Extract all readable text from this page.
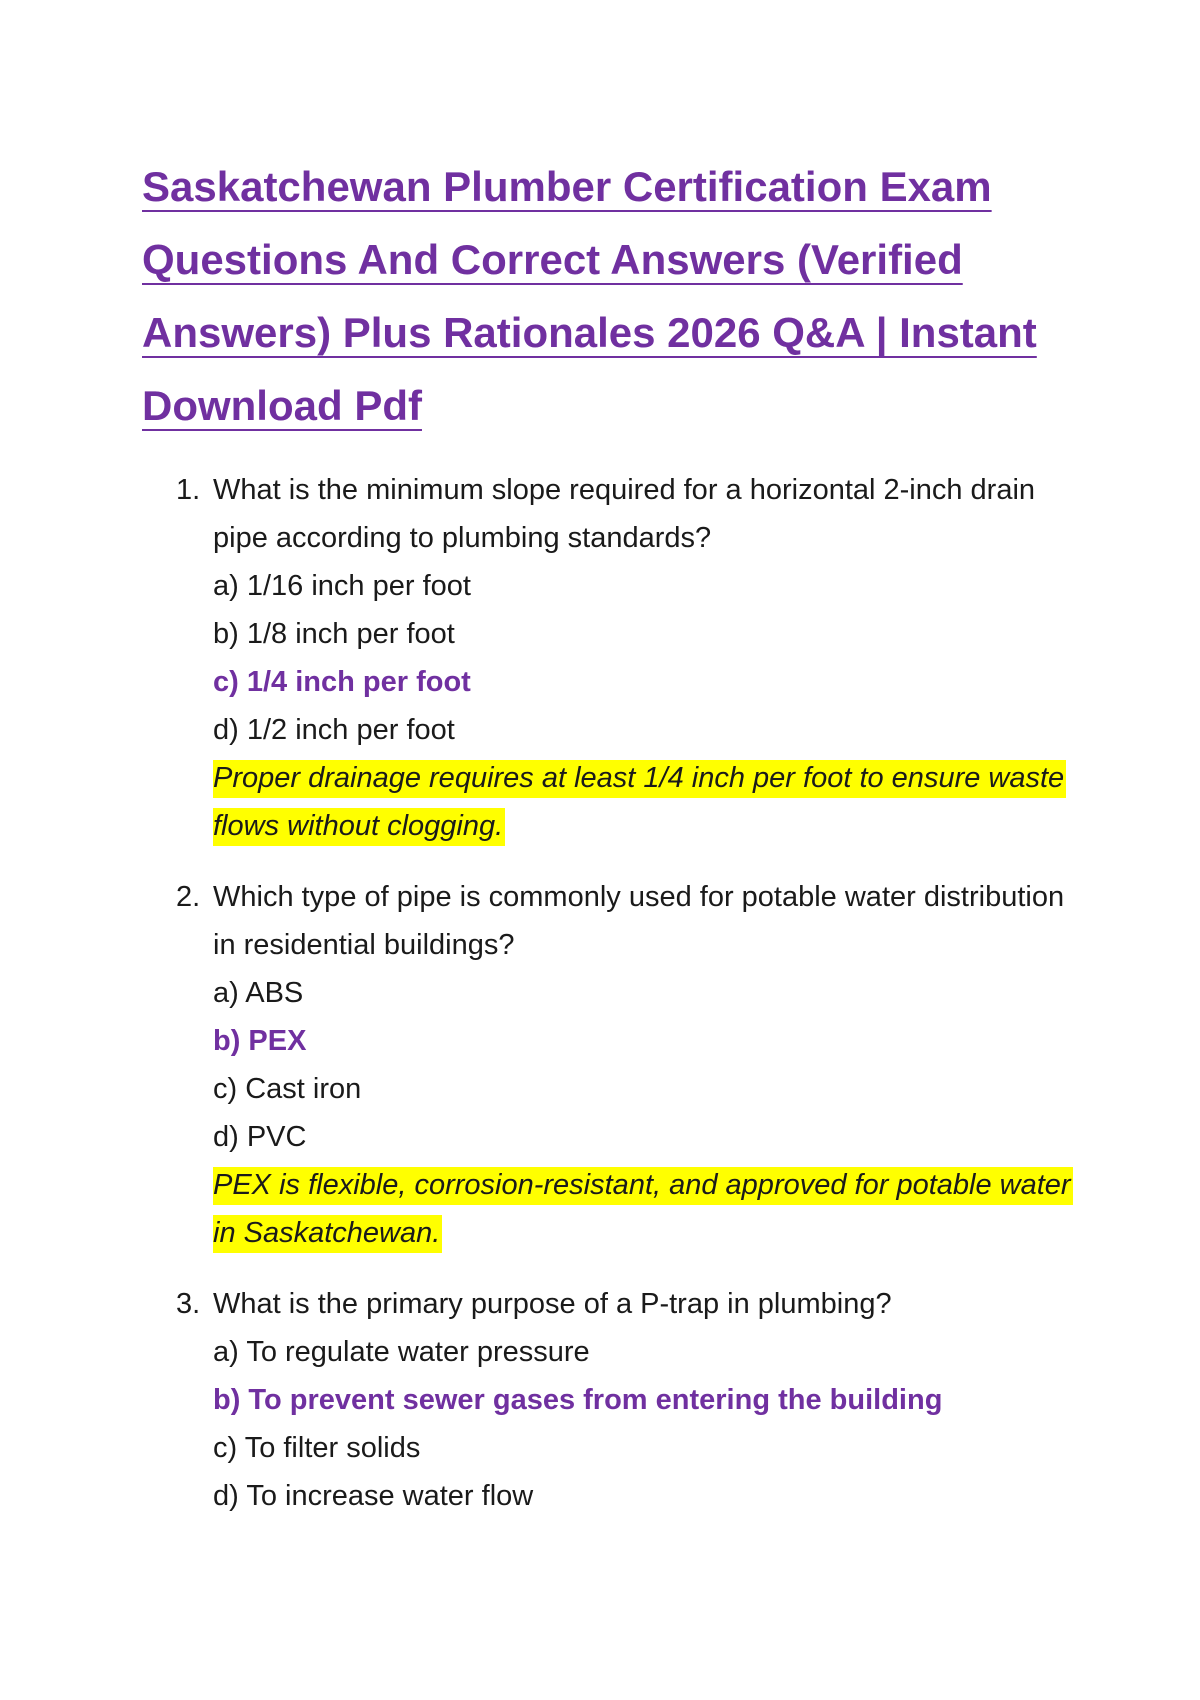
Saskatchewan Plumber Certification Exam
Questions And Correct Answers (Verified
Answers) Plus Rationales 2026 Q&A | Instant
Download Pdf
1. What is the minimum slope required for a horizontal 2-inch drain pipe according to plumbing standards?
a) 1/16 inch per foot
b) 1/8 inch per foot
c) 1/4 inch per foot
d) 1/2 inch per foot
Proper drainage requires at least 1/4 inch per foot to ensure waste flows without clogging.
2. Which type of pipe is commonly used for potable water distribution in residential buildings?
a) ABS
b) PEX
c) Cast iron
d) PVC
PEX is flexible, corrosion-resistant, and approved for potable water in Saskatchewan.
3. What is the primary purpose of a P-trap in plumbing?
a) To regulate water pressure
b) To prevent sewer gases from entering the building
c) To filter solids
d) To increase water flow
